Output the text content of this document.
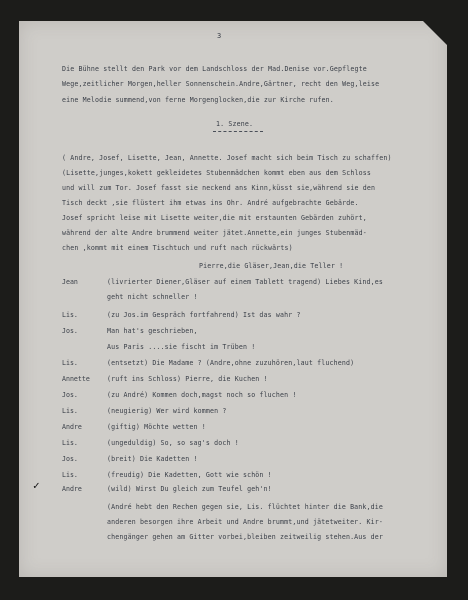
3
Die Bühne stellt den Park vor dem Landschloss der Mad.Denise vor.Gepflegte
Wege,zeitlicher Morgen,heller Sonnenschein.Andre,Gärtner, recht den Weg,leise
eine Melodie summend,von ferne Morgenglocken,die zur Kirche rufen.
1. Szene.
( Andre, Josef, Lisette, Jean, Annette. Josef macht sich beim Tisch zu schaffen)
(Lisette,junges,kokett gekleidetes Stubenmädchen kommt eben aus dem Schloss
und will zum Tor. Josef fasst sie neckend ans Kinn,küsst sie,während sie den
Tisch deckt ,sie flüstert ihm etwas ins Ohr. André aufgebrachte Gebärde.
Josef spricht leise mit Lisette weiter,die mit erstaunten Gebärden zuhört,
während der alte Andre brummend weiter jätet.Annette,ein junges Stubenmäd-
chen ,kommt mit einem Tischtuch und ruft nach rückwärts)
Pierre,die Gläser,Jean,die Teller !
Jean	(livrierter Diener,Gläser auf einem Tablett tragend) Liebes Kind,es
geht nicht schneller !
Lis.	(zu Jos.im Gespräch fortfahrend) Ist das wahr ?
Jos.	Man hat's geschrieben,
Aus Paris ....sie fischt im Trüben !
Lis.	(entsetzt) Die Madame ? (Andre,ohne zuzuhören,laut fluchend)
Annette	(ruft ins Schloss) Pierre, die Kuchen !
Jos.	(zu André) Kommen doch,magst noch so fluchen !
Lis.	(neugierig) Wer wird kommen ?
Andre	(giftig) Möchte wetten !
Lis.	(ungeduldig) So, so sag's doch !
Jos.	(breit) Die Kadetten !
Lis.	(freudig) Die Kadetten, Gott wie schön !
✓	Andre	(wild) Wirst Du gleich zum Teufel geh'n!
(André hebt den Rechen gegen sie, Lis. flüchtet hinter die Bank,die
anderen besorgen ihre Arbeit und Andre brummt,und jätetweiter. Kir-
chengänger gehen am Gitter vorbei,bleiben zeitweilig stehen.Aus der
